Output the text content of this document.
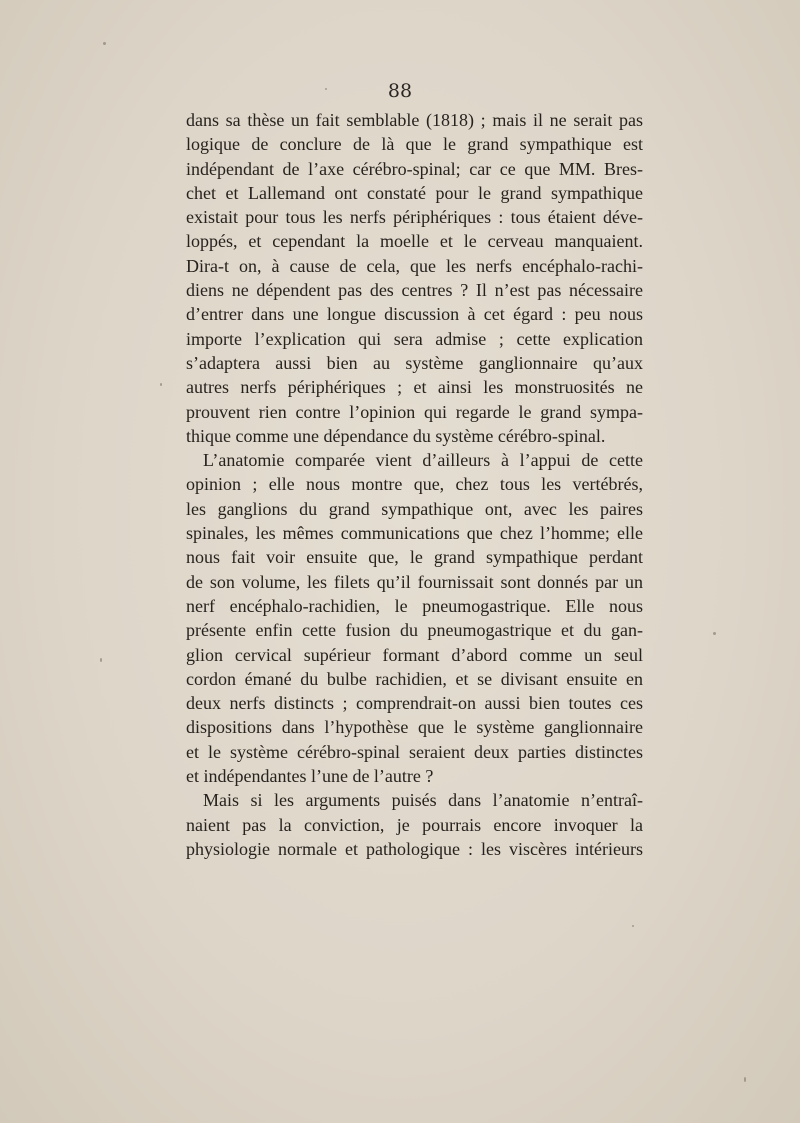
88
dans sa thèse un fait semblable (1818) ; mais il ne serait pas
logique de conclure de là que le grand sympathique est
indépendant de l’axe cérébro-spinal; car ce que MM. Bres-
chet et Lallemand ont constaté pour le grand sympathique
existait pour tous les nerfs périphériques : tous étaient déve-
loppés, et cependant la moelle et le cerveau manquaient.
Dira-t on, à cause de cela, que les nerfs encéphalo-rachi-
diens ne dépendent pas des centres ? Il n’est pas nécessaire
d’entrer dans une longue discussion à cet égard : peu nous
importe l’explication qui sera admise ; cette explication
s’adaptera aussi bien au système ganglionnaire qu’aux
autres nerfs périphériques ; et ainsi les monstruosités ne
prouvent rien contre l’opinion qui regarde le grand sympa-
thique comme une dépendance du système cérébro-spinal.
L’anatomie comparée vient d’ailleurs à l’appui de cette
opinion ; elle nous montre que, chez tous les vertébrés,
les ganglions du grand sympathique ont, avec les paires
spinales, les mêmes communications que chez l’homme; elle
nous fait voir ensuite que, le grand sympathique perdant
de son volume, les filets qu’il fournissait sont donnés par un
nerf encéphalo-rachidien, le pneumogastrique. Elle nous
présente enfin cette fusion du pneumogastrique et du gan-
glion cervical supérieur formant d’abord comme un seul
cordon émané du bulbe rachidien, et se divisant ensuite en
deux nerfs distincts ; comprendrait-on aussi bien toutes ces
dispositions dans l’hypothèse que le système ganglionnaire
et le système cérébro-spinal seraient deux parties distinctes
et indépendantes l’une de l’autre ?
Mais si les arguments puisés dans l’anatomie n’entraî-
naient pas la conviction, je pourrais encore invoquer la
physiologie normale et pathologique : les viscères intérieurs
